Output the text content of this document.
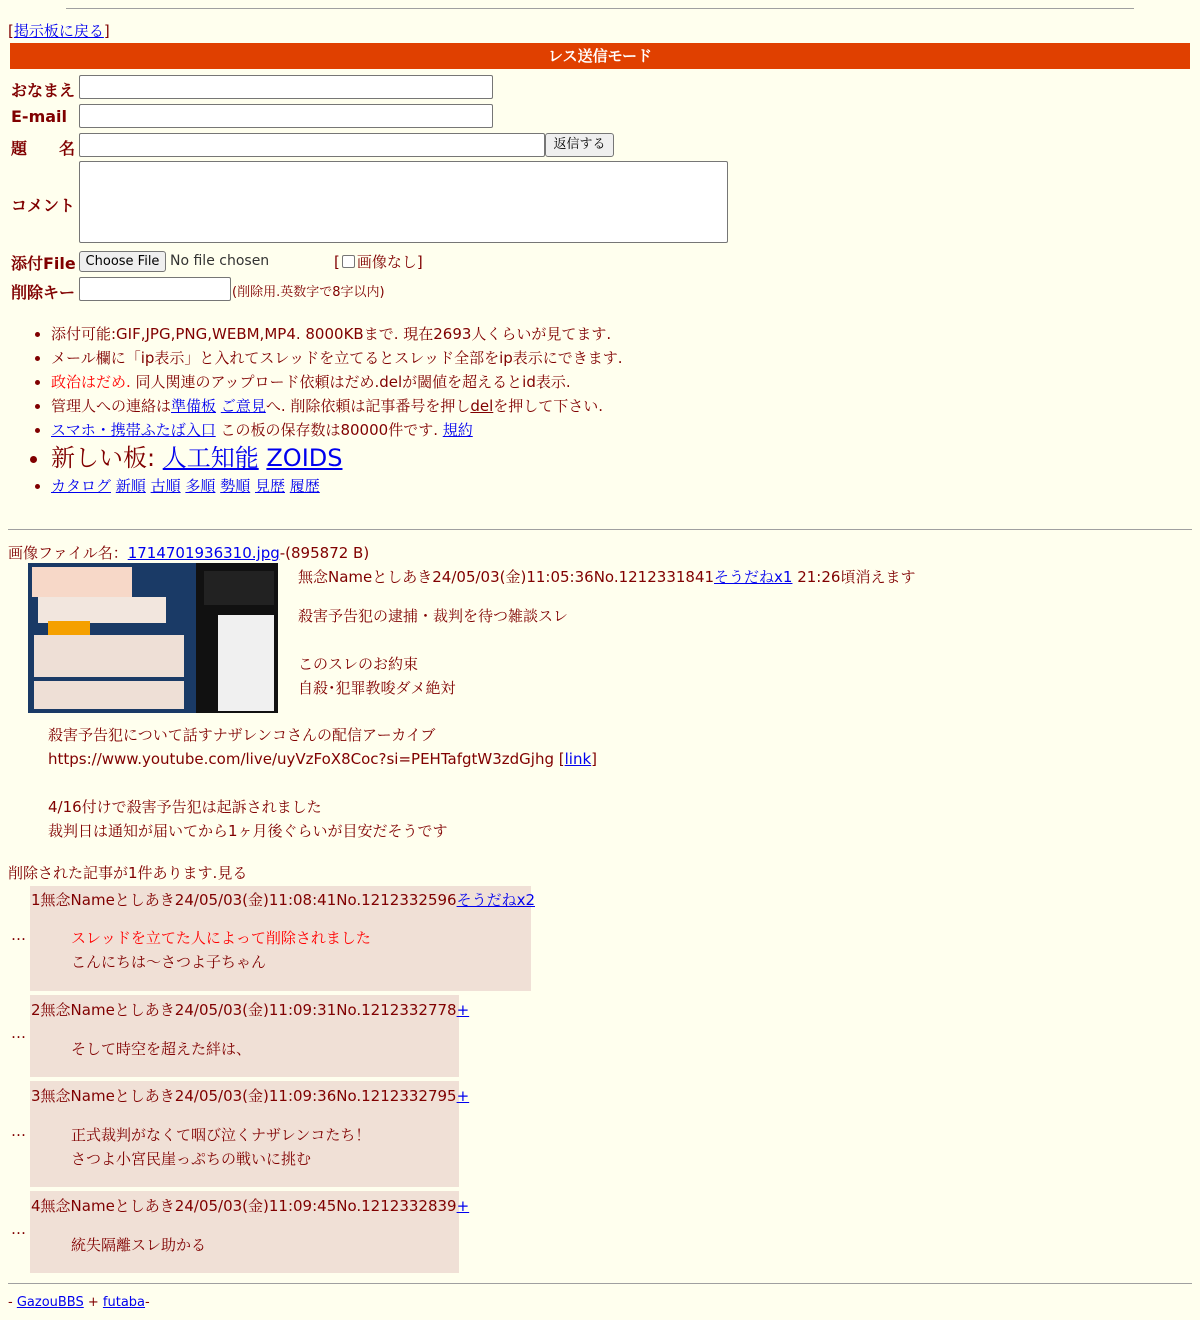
[掲示板に戻る]
レス送信モード
おなまえ
E-mail
題　　名	返信する
コメント
添付File Choose File No file chosen	[ 画像なし]
削除キー	(削除用.英数字で8字以内)
• 添付可能:GIF,JPG,PNG,WEBM,MP4. 8000KBまで. 現在2693人くらいが見てます.
• メール欄に「ip表示」と入れてスレッドを立てるとスレッド全部をip表示にできます.
• 政治はだめ. 同人関連のアップロード依頼はだめ.delが閾値を超えるとid表示.
• 管理人への連絡は準備板 ご意見へ. 削除依頼は記事番号を押しdelを押して下さい.
• スマホ・携帯ふたば入口 この板の保存数は80000件です. 規約
• 新しい板: 人工知能 ZOIDS
• カタログ 新順 古順 多順 勢順 見歴 履歴
画像ファイル名：1714701936310.jpg-(895872 B)
無念Nameとしあき24/05/03(金)11:05:36No.1212331841そうだねx1 21:26頃消えます
殺害予告犯の逮捕・裁判を待つ雑談スレ
このスレのお約束
自殺･犯罪教唆ダメ絶対
殺害予告犯について話すナザレンコさんの配信アーカイブ
https://www.youtube.com/live/uyVzFoX8Coc?si=PEHTafgtW3zdGjhg [link]
4/16付けで殺害予告犯は起訴されました
裁判日は通知が届いてから1ヶ月後ぐらいが目安だそうです
削除された記事が1件あります.見る
…
1無念Nameとしあき24/05/03(金)11:08:41No.1212332596そうだねx2
スレッドを立てた人によって削除されました
こんにちは〜さつよ子ちゃん
…
2無念Nameとしあき24/05/03(金)11:09:31No.1212332778+
そして時空を超えた絆は、
…
3無念Nameとしあき24/05/03(金)11:09:36No.1212332795+
正式裁判がなくて咽び泣くナザレンコたち！
さつよ小宮民崖っぷちの戦いに挑む
…
4無念Nameとしあき24/05/03(金)11:09:45No.1212332839+
統失隔離スレ助かる
- GazouBBS + futaba-
